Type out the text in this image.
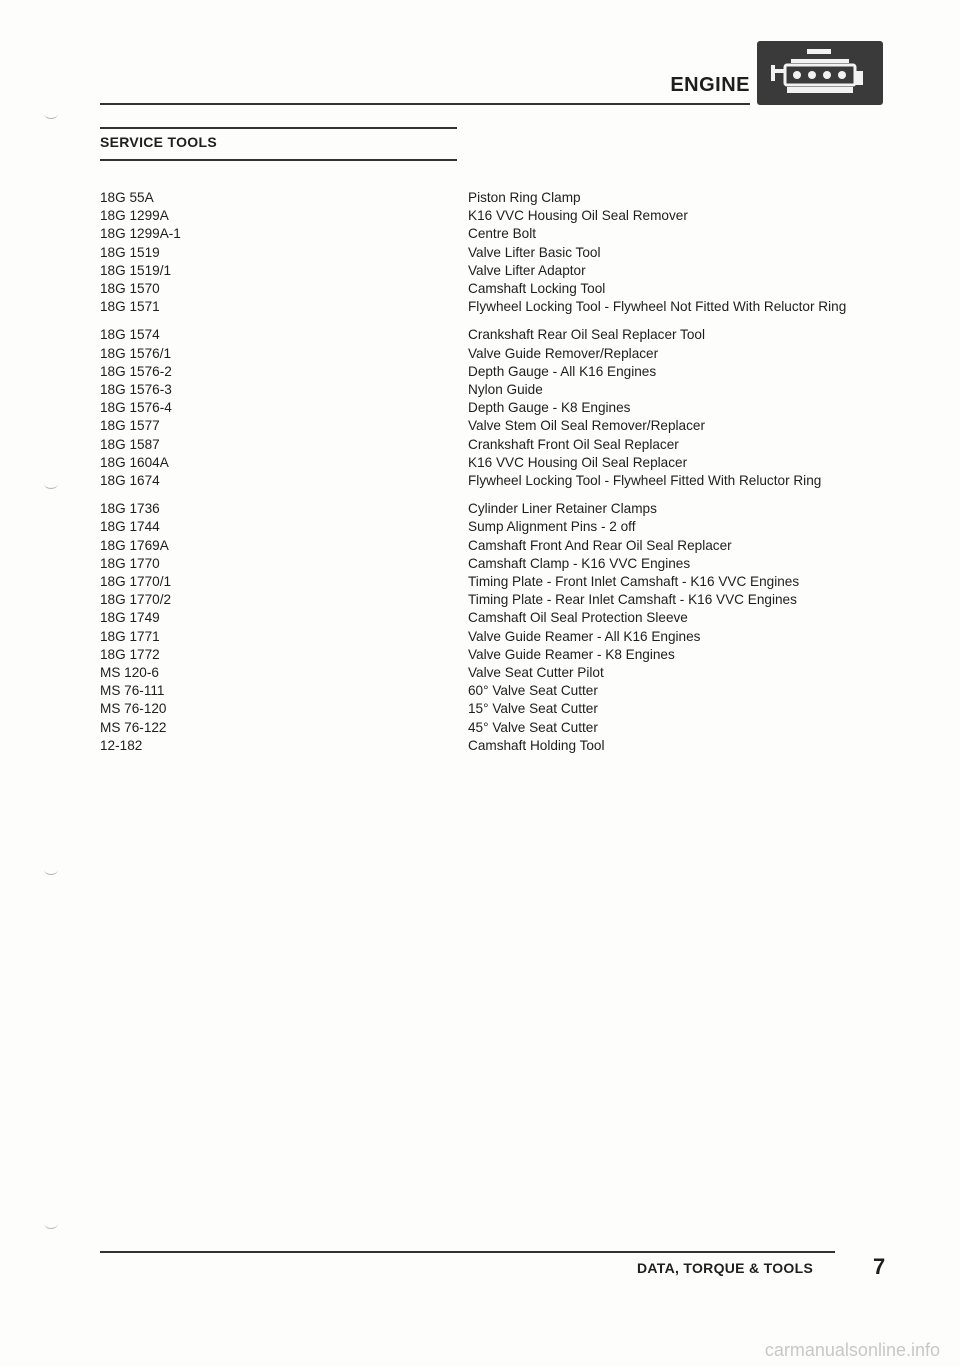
ENGINE
SERVICE TOOLS
18G 55A	Piston Ring Clamp
18G 1299A	K16 VVC Housing Oil Seal Remover
18G 1299A-1	Centre Bolt
18G 1519	Valve Lifter Basic Tool
18G 1519/1	Valve Lifter Adaptor
18G 1570	Camshaft Locking Tool
18G 1571	Flywheel Locking Tool - Flywheel Not Fitted With Reluctor Ring
18G 1574	Crankshaft Rear Oil Seal Replacer Tool
18G 1576/1	Valve Guide Remover/Replacer
18G 1576-2	Depth Gauge - All K16 Engines
18G 1576-3	Nylon Guide
18G 1576-4	Depth Gauge - K8 Engines
18G 1577	Valve Stem Oil Seal Remover/Replacer
18G 1587	Crankshaft Front Oil Seal Replacer
18G 1604A	K16 VVC Housing Oil Seal Replacer
18G 1674	Flywheel Locking Tool - Flywheel Fitted With Reluctor Ring
18G 1736	Cylinder Liner Retainer Clamps
18G 1744	Sump Alignment Pins - 2 off
18G 1769A	Camshaft Front And Rear Oil Seal Replacer
18G 1770	Camshaft Clamp - K16 VVC Engines
18G 1770/1	Timing Plate - Front Inlet Camshaft - K16 VVC Engines
18G 1770/2	Timing Plate - Rear Inlet Camshaft - K16 VVC Engines
18G 1749	Camshaft Oil Seal Protection Sleeve
18G 1771	Valve Guide Reamer - All K16 Engines
18G 1772	Valve Guide Reamer - K8 Engines
MS 120-6	Valve Seat Cutter Pilot
MS 76-111	60° Valve Seat Cutter
MS 76-120	15° Valve Seat Cutter
MS 76-122	45° Valve Seat Cutter
12-182	Camshaft Holding Tool
DATA, TORQUE & TOOLS	7
carmanualsonline.info
